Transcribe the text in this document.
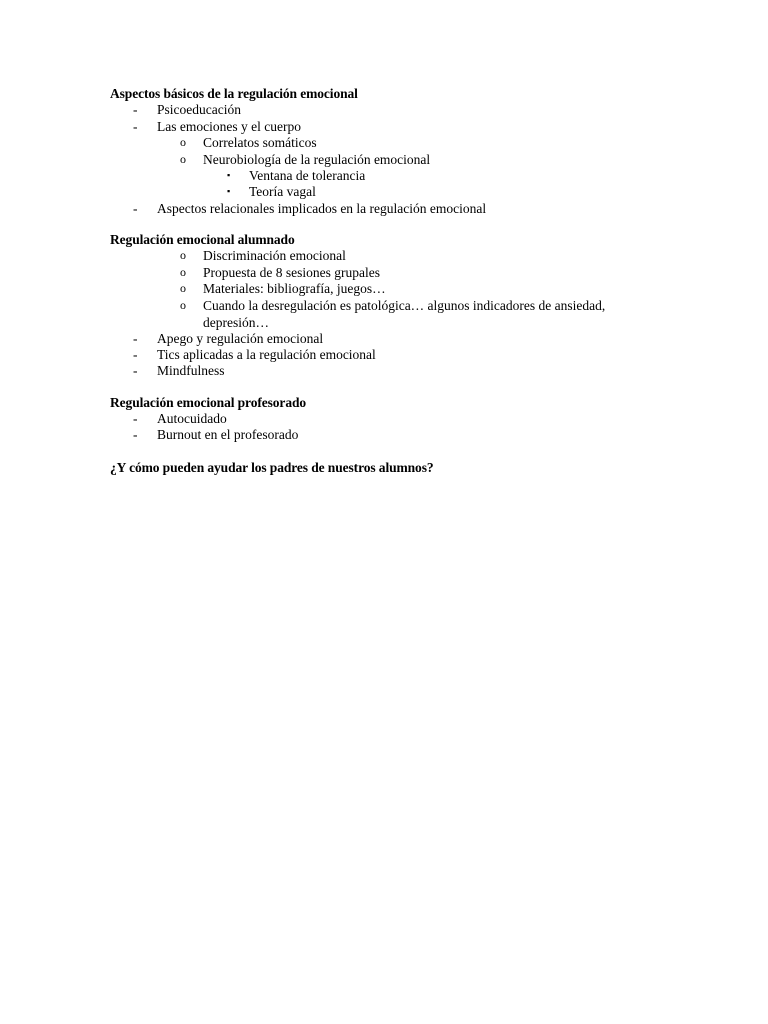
Aspectos básicos de la regulación emocional
- Psicoeducación
- Las emociones y el cuerpo
o Correlatos somáticos
o Neurobiología de la regulación emocional
▪ Ventana de tolerancia
▪ Teoría vagal
- Aspectos relacionales implicados en la regulación emocional
Regulación emocional alumnado
o Discriminación emocional
o Propuesta de 8 sesiones grupales
o Materiales: bibliografía, juegos…
o Cuando la desregulación es patológica… algunos indicadores de ansiedad,
depresión…
- Apego y regulación emocional
- Tics aplicadas a la regulación emocional
- Mindfulness
Regulación emocional profesorado
- Autocuidado
- Burnout en el profesorado
¿Y cómo pueden ayudar los padres de nuestros alumnos?
